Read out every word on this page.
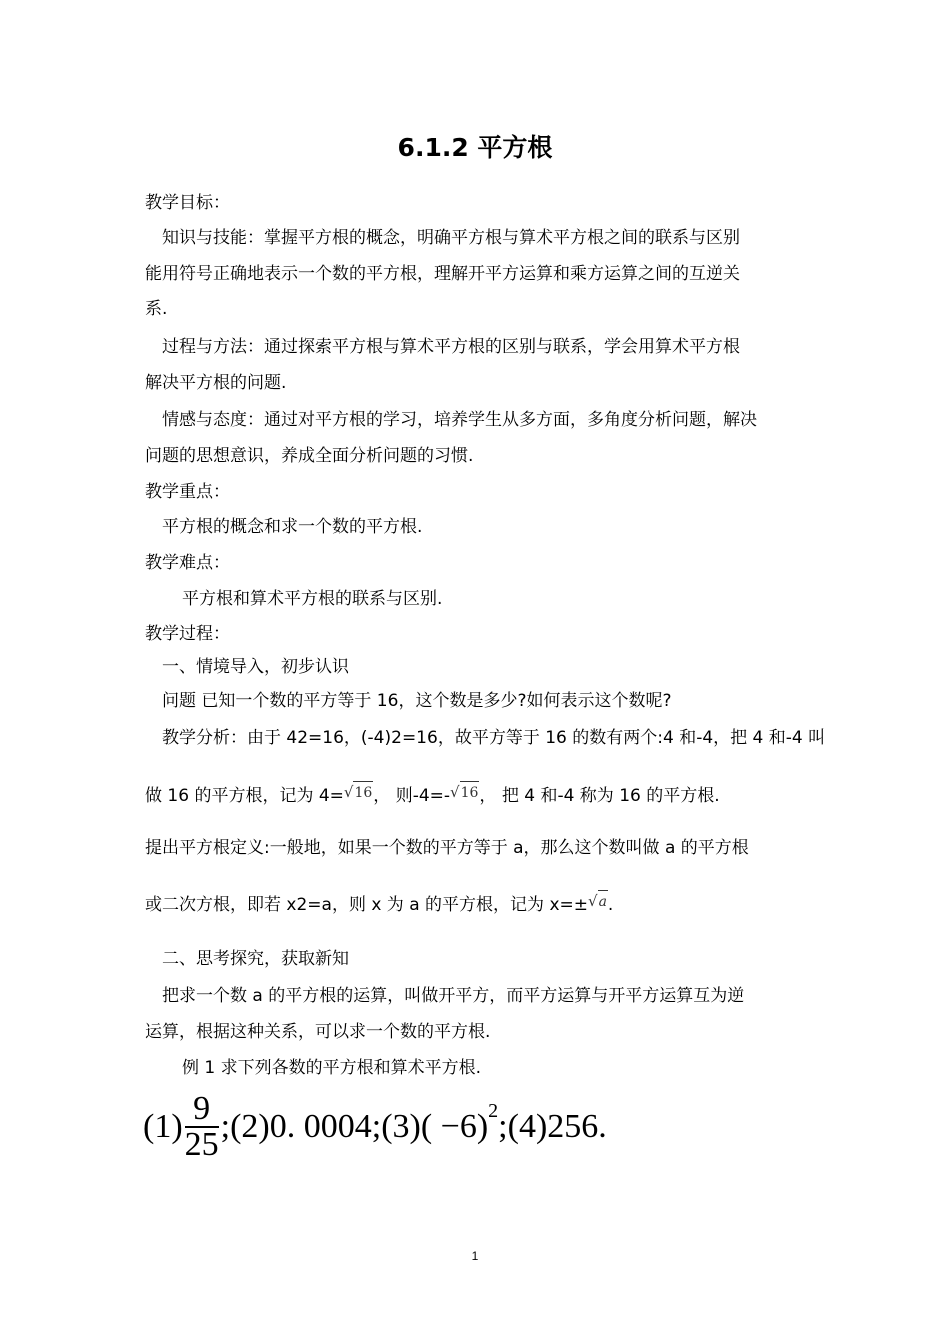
6.1.2 平方根
教学目标：
知识与技能：掌握平方根的概念，明确平方根与算术平方根之间的联系与区别
能用符号正确地表示一个数的平方根，理解开平方运算和乘方运算之间的互逆关
系.
过程与方法：通过探索平方根与算术平方根的区别与联系，学会用算术平方根
解决平方根的问题.
情感与态度：通过对平方根的学习，培养学生从多方面，多角度分析问题，解决
问题的思想意识，养成全面分析问题的习惯.
教学重点：
平方根的概念和求一个数的平方根.
教学难点：
平方根和算术平方根的联系与区别.
教学过程：
一、情境导入，初步认识
问题 已知一个数的平方等于 16，这个数是多少?如何表示这个数呢?
教学分析：由于 42=16，(-4)2=16，故平方等于 16 的数有两个:4 和-4，把 4 和-4 叫
做 16 的平方根，记为 4=√16， 则-4=-√16， 把 4 和-4 称为 16 的平方根.
提出平方根定义:一般地，如果一个数的平方等于 a，那么这个数叫做 a 的平方根
或二次方根，即若 x2=a，则 x 为 a 的平方根，记为 x=±√a.
二、思考探究，获取新知
把求一个数 a 的平方根的运算，叫做开平方，而平方运算与开平方运算互为逆
运算，根据这种关系，可以求一个数的平方根.
例 1 求下列各数的平方根和算术平方根.
$(1) \frac{9}{25}$ ;(2)0. 0004;(3)( −6)2;(4)256.
1
